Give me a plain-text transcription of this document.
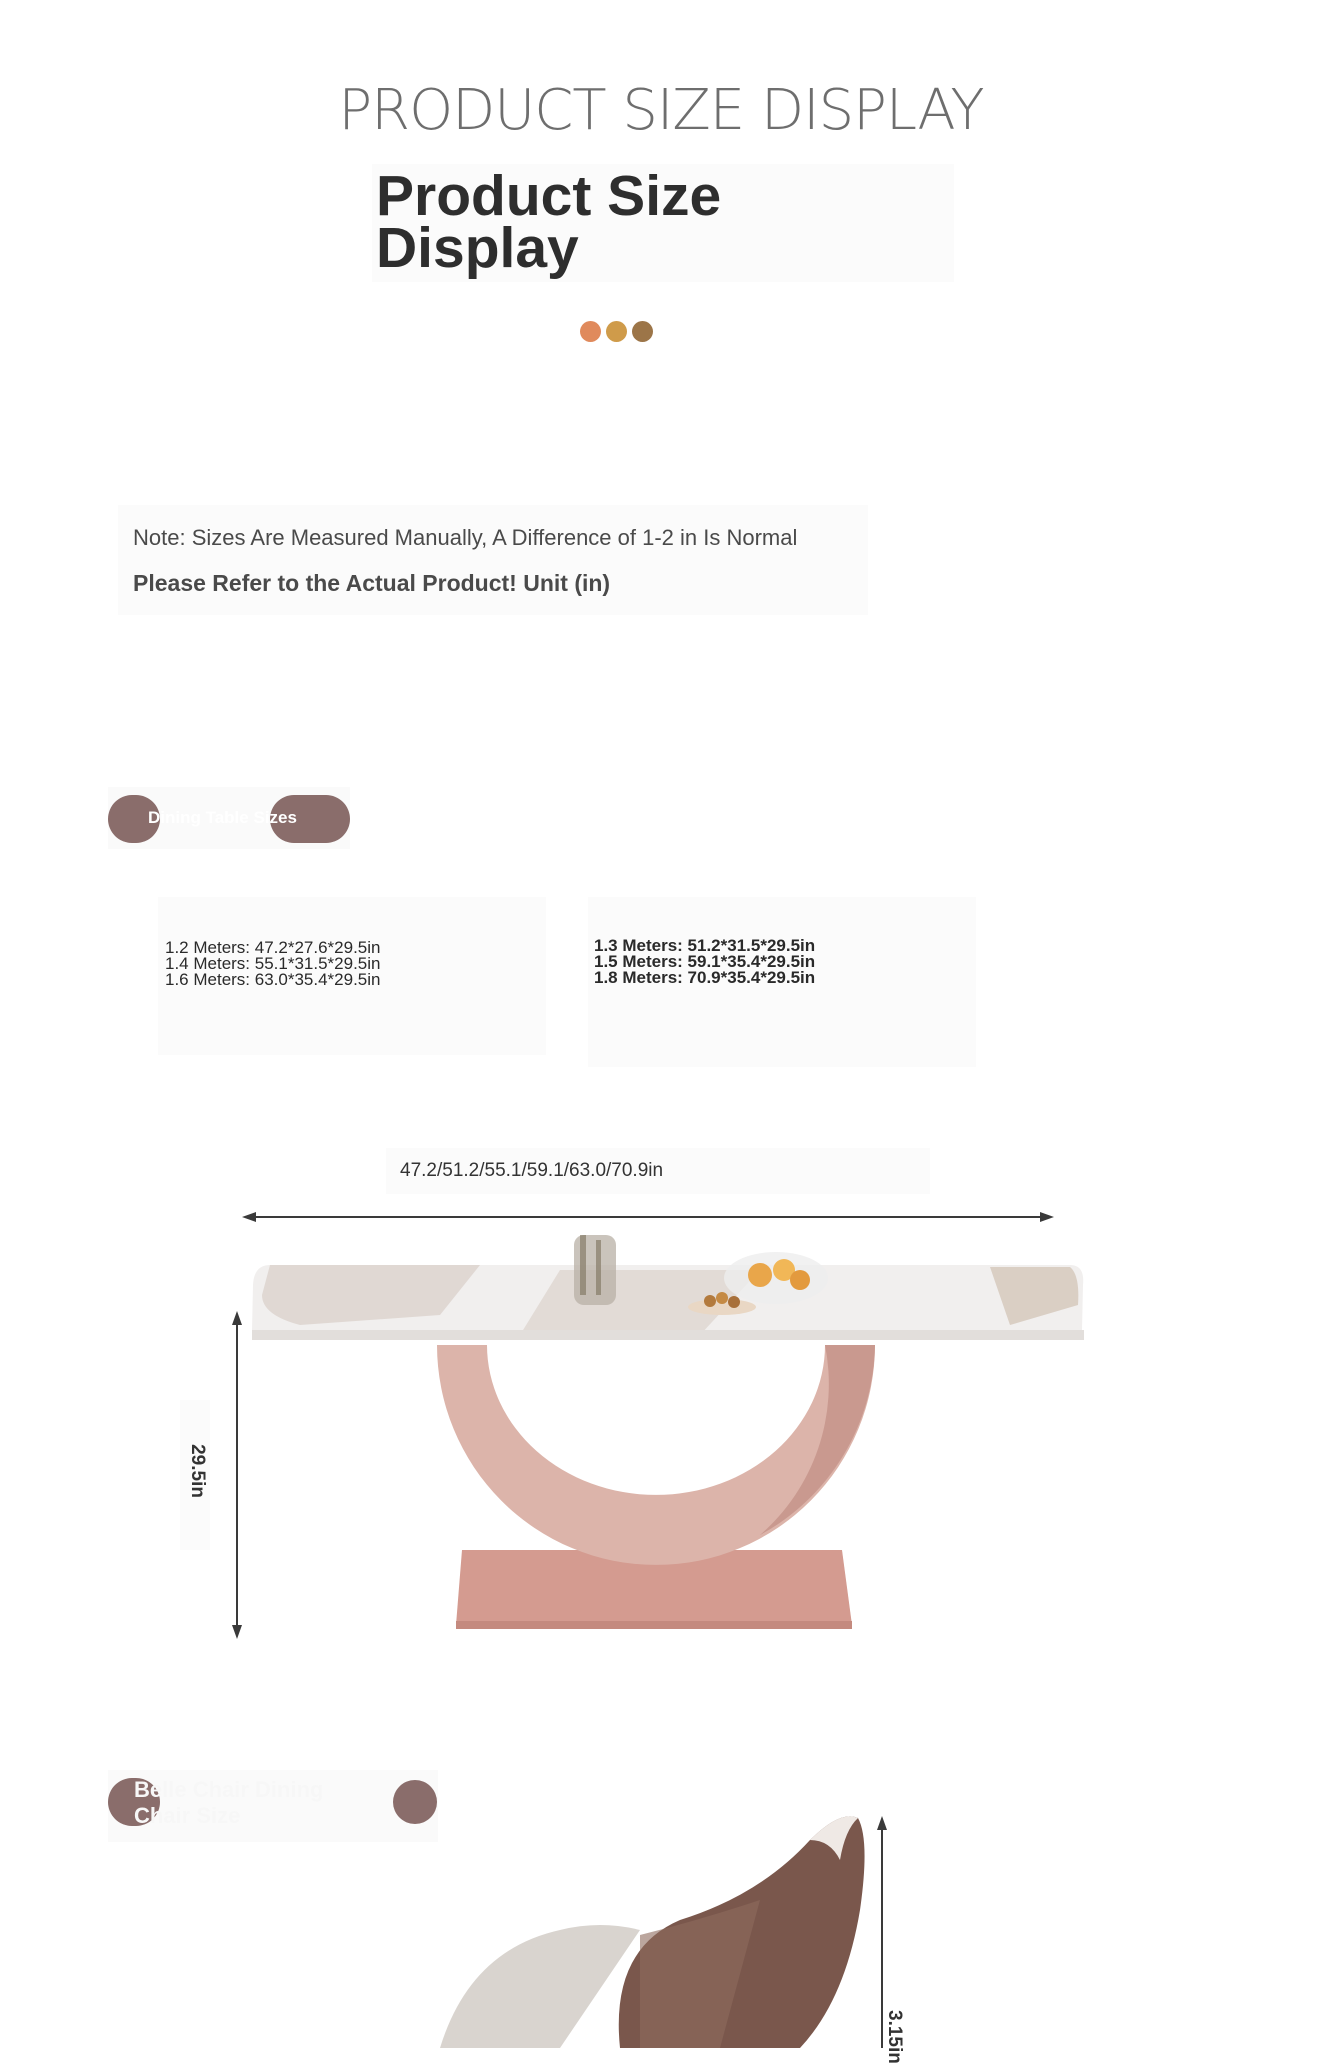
PRODUCT SIZE DISPLAY
Product Size Display
Note: Sizes Are Measured Manually, A Difference of 1-2 in Is Normal
Please Refer to the Actual Product! Unit (in)
Dining Table Sizes
1.2 Meters: 47.2*27.6*29.5in 1.4 Meters: 55.1*31.5*29.5in 1.6 Meters: 63.0*35.4*29.5in
1.3 Meters: 51.2*31.5*29.5in 1.5 Meters: 59.1*35.4*29.5in 1.8 Meters: 70.9*35.4*29.5in
47.2/51.2/55.1/59.1/63.0/70.9in
29.5in
Belle Chair Dining Chair Size
3.15in
